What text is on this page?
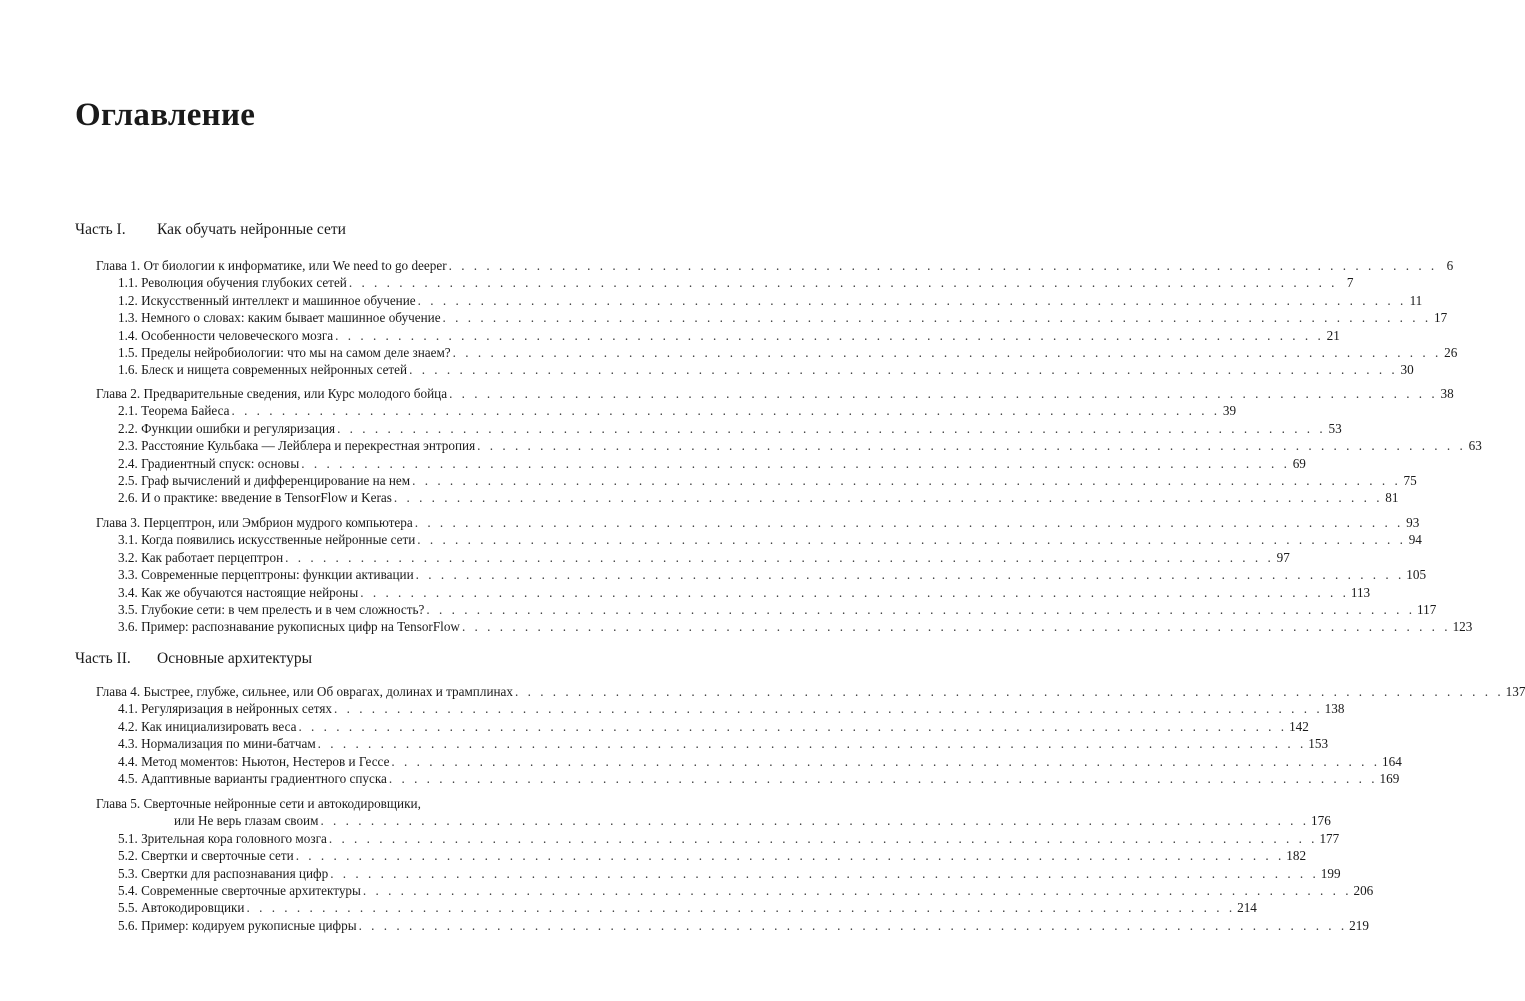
Оглавление
Часть I. Как обучать нейронные сети
Глава 1. От биологии к информатике, или We need to go deeper . . . . . . . . . . . . . . . . . . . . . . . . . . . . . . . . . . . . . . . . . . . . . . . . . . . . . . . . . . . . . . . . . . . . . . . . . . . . . . . 6
1.1. Революция обучения глубоких сетей . . . . . . . . . . . . . . . . . . . . . . . . . . . . . . . . . . . . . . . . . . . . . . . . . . . . . . . . . . . . . . . . . . . . . . . . . . . . . . . 7
1.2. Искусственный интеллект и машинное обучение . . . . . . . . . . . . . . . . . . . . . . . . . . . . . . . . . . . . . . . . . . . . . . . . . . . . . . . . . . . . . . . . . . . . . . . . . . . . . . . 11
1.3. Немного о словах: каким бывает машинное обучение . . . . . . . . . . . . . . . . . . . . . . . . . . . . . . . . . . . . . . . . . . . . . . . . . . . . . . . . . . . . . . . . . . . . . . . . . . . . . . . 17
1.4. Особенности человеческого мозга . . . . . . . . . . . . . . . . . . . . . . . . . . . . . . . . . . . . . . . . . . . . . . . . . . . . . . . . . . . . . . . . . . . . . . . . . . . . . . . 21
1.5. Пределы нейробиологии: что мы на самом деле знаем? . . . . . . . . . . . . . . . . . . . . . . . . . . . . . . . . . . . . . . . . . . . . . . . . . . . . . . . . . . . . . . . . . . . . . . . . . . . . . . . 26
1.6. Блеск и нищета современных нейронных сетей . . . . . . . . . . . . . . . . . . . . . . . . . . . . . . . . . . . . . . . . . . . . . . . . . . . . . . . . . . . . . . . . . . . . . . . . . . . . . . . 30
Глава 2. Предварительные сведения, или Курс молодого бойца . . . . . . . . . . . . . . . . . . . . . . . . . . . . . . . . . . . . . . . . . . . . . . . . . . . . . . . . . . . . . . . . . . . . . . . . . . . . . . . 38
2.1. Теорема Байеса . . . . . . . . . . . . . . . . . . . . . . . . . . . . . . . . . . . . . . . . . . . . . . . . . . . . . . . . . . . . . . . . . . . . . . . . . . . . . . . 39
2.2. Функции ошибки и регуляризация . . . . . . . . . . . . . . . . . . . . . . . . . . . . . . . . . . . . . . . . . . . . . . . . . . . . . . . . . . . . . . . . . . . . . . . . . . . . . . . 53
2.3. Расстояние Кульбака — Лейблера и перекрестная энтропия . . . . . . . . . . . . . . . . . . . . . . . . . . . . . . . . . . . . . . . . . . . . . . . . . . . . . . . . . . . . . . . . . . . . . . . . . . . . . . . 63
2.4. Градиентный спуск: основы . . . . . . . . . . . . . . . . . . . . . . . . . . . . . . . . . . . . . . . . . . . . . . . . . . . . . . . . . . . . . . . . . . . . . . . . . . . . . . . 69
2.5. Граф вычислений и дифференцирование на нем . . . . . . . . . . . . . . . . . . . . . . . . . . . . . . . . . . . . . . . . . . . . . . . . . . . . . . . . . . . . . . . . . . . . . . . . . . . . . . . 75
2.6. И о практике: введение в TensorFlow и Keras . . . . . . . . . . . . . . . . . . . . . . . . . . . . . . . . . . . . . . . . . . . . . . . . . . . . . . . . . . . . . . . . . . . . . . . . . . . . . . . 81
Глава 3. Перцептрон, или Эмбрион мудрого компьютера . . . . . . . . . . . . . . . . . . . . . . . . . . . . . . . . . . . . . . . . . . . . . . . . . . . . . . . . . . . . . . . . . . . . . . . . . . . . . . . 93
3.1. Когда появились искусственные нейронные сети . . . . . . . . . . . . . . . . . . . . . . . . . . . . . . . . . . . . . . . . . . . . . . . . . . . . . . . . . . . . . . . . . . . . . . . . . . . . . . . 94
3.2. Как работает перцептрон . . . . . . . . . . . . . . . . . . . . . . . . . . . . . . . . . . . . . . . . . . . . . . . . . . . . . . . . . . . . . . . . . . . . . . . . . . . . . . . 97
3.3. Современные перцептроны: функции активации . . . . . . . . . . . . . . . . . . . . . . . . . . . . . . . . . . . . . . . . . . . . . . . . . . . . . . . . . . . . . . . . . . . . . . . . . . . . . . . 105
3.4. Как же обучаются настоящие нейроны . . . . . . . . . . . . . . . . . . . . . . . . . . . . . . . . . . . . . . . . . . . . . . . . . . . . . . . . . . . . . . . . . . . . . . . . . . . . . . . 113
3.5. Глубокие сети: в чем прелесть и в чем сложность? . . . . . . . . . . . . . . . . . . . . . . . . . . . . . . . . . . . . . . . . . . . . . . . . . . . . . . . . . . . . . . . . . . . . . . . . . . . . . . . 117
3.6. Пример: распознавание рукописных цифр на TensorFlow . . . . . . . . . . . . . . . . . . . . . . . . . . . . . . . . . . . . . . . . . . . . . . . . . . . . . . . . . . . . . . . . . . . . . . . . . . . . . . . 123
Часть II. Основные архитектуры
Глава 4. Быстрее, глубже, сильнее, или Об оврагах, долинах и трамплинах . . . . . . . . . . . . . . . . . . . . . . . . . . . . . . . . . . . . . . . . . . . . . . . . . . . . . . . . . . . . . . . . . . . . . . . . . . . . . . . 137
4.1. Регуляризация в нейронных сетях . . . . . . . . . . . . . . . . . . . . . . . . . . . . . . . . . . . . . . . . . . . . . . . . . . . . . . . . . . . . . . . . . . . . . . . . . . . . . . . 138
4.2. Как инициализировать веса . . . . . . . . . . . . . . . . . . . . . . . . . . . . . . . . . . . . . . . . . . . . . . . . . . . . . . . . . . . . . . . . . . . . . . . . . . . . . . . 142
4.3. Нормализация по мини-батчам . . . . . . . . . . . . . . . . . . . . . . . . . . . . . . . . . . . . . . . . . . . . . . . . . . . . . . . . . . . . . . . . . . . . . . . . . . . . . . . 153
4.4. Метод моментов: Ньютон, Нестеров и Гессе . . . . . . . . . . . . . . . . . . . . . . . . . . . . . . . . . . . . . . . . . . . . . . . . . . . . . . . . . . . . . . . . . . . . . . . . . . . . . . . 164
4.5. Адаптивные варианты градиентного спуска . . . . . . . . . . . . . . . . . . . . . . . . . . . . . . . . . . . . . . . . . . . . . . . . . . . . . . . . . . . . . . . . . . . . . . . . . . . . . . . 169
Глава 5. Сверточные нейронные сети и автокодировщики,
или Не верь глазам своим . . . . . . . . . . . . . . . . . . . . . . . . . . . . . . . . . . . . . . . . . . . . . . . . . . . . . . . . . . . . . . . . . . . . . . . . . . . . . . . 176
5.1. Зрительная кора головного мозга . . . . . . . . . . . . . . . . . . . . . . . . . . . . . . . . . . . . . . . . . . . . . . . . . . . . . . . . . . . . . . . . . . . . . . . . . . . . . . . 177
5.2. Свертки и сверточные сети . . . . . . . . . . . . . . . . . . . . . . . . . . . . . . . . . . . . . . . . . . . . . . . . . . . . . . . . . . . . . . . . . . . . . . . . . . . . . . . 182
5.3. Свертки для распознавания цифр . . . . . . . . . . . . . . . . . . . . . . . . . . . . . . . . . . . . . . . . . . . . . . . . . . . . . . . . . . . . . . . . . . . . . . . . . . . . . . . 199
5.4. Современные сверточные архитектуры . . . . . . . . . . . . . . . . . . . . . . . . . . . . . . . . . . . . . . . . . . . . . . . . . . . . . . . . . . . . . . . . . . . . . . . . . . . . . . . 206
5.5. Автокодировщики . . . . . . . . . . . . . . . . . . . . . . . . . . . . . . . . . . . . . . . . . . . . . . . . . . . . . . . . . . . . . . . . . . . . . . . . . . . . . . . 214
5.6. Пример: кодируем рукописные цифры . . . . . . . . . . . . . . . . . . . . . . . . . . . . . . . . . . . . . . . . . . . . . . . . . . . . . . . . . . . . . . . . . . . . . . . . . . . . . . . 219
